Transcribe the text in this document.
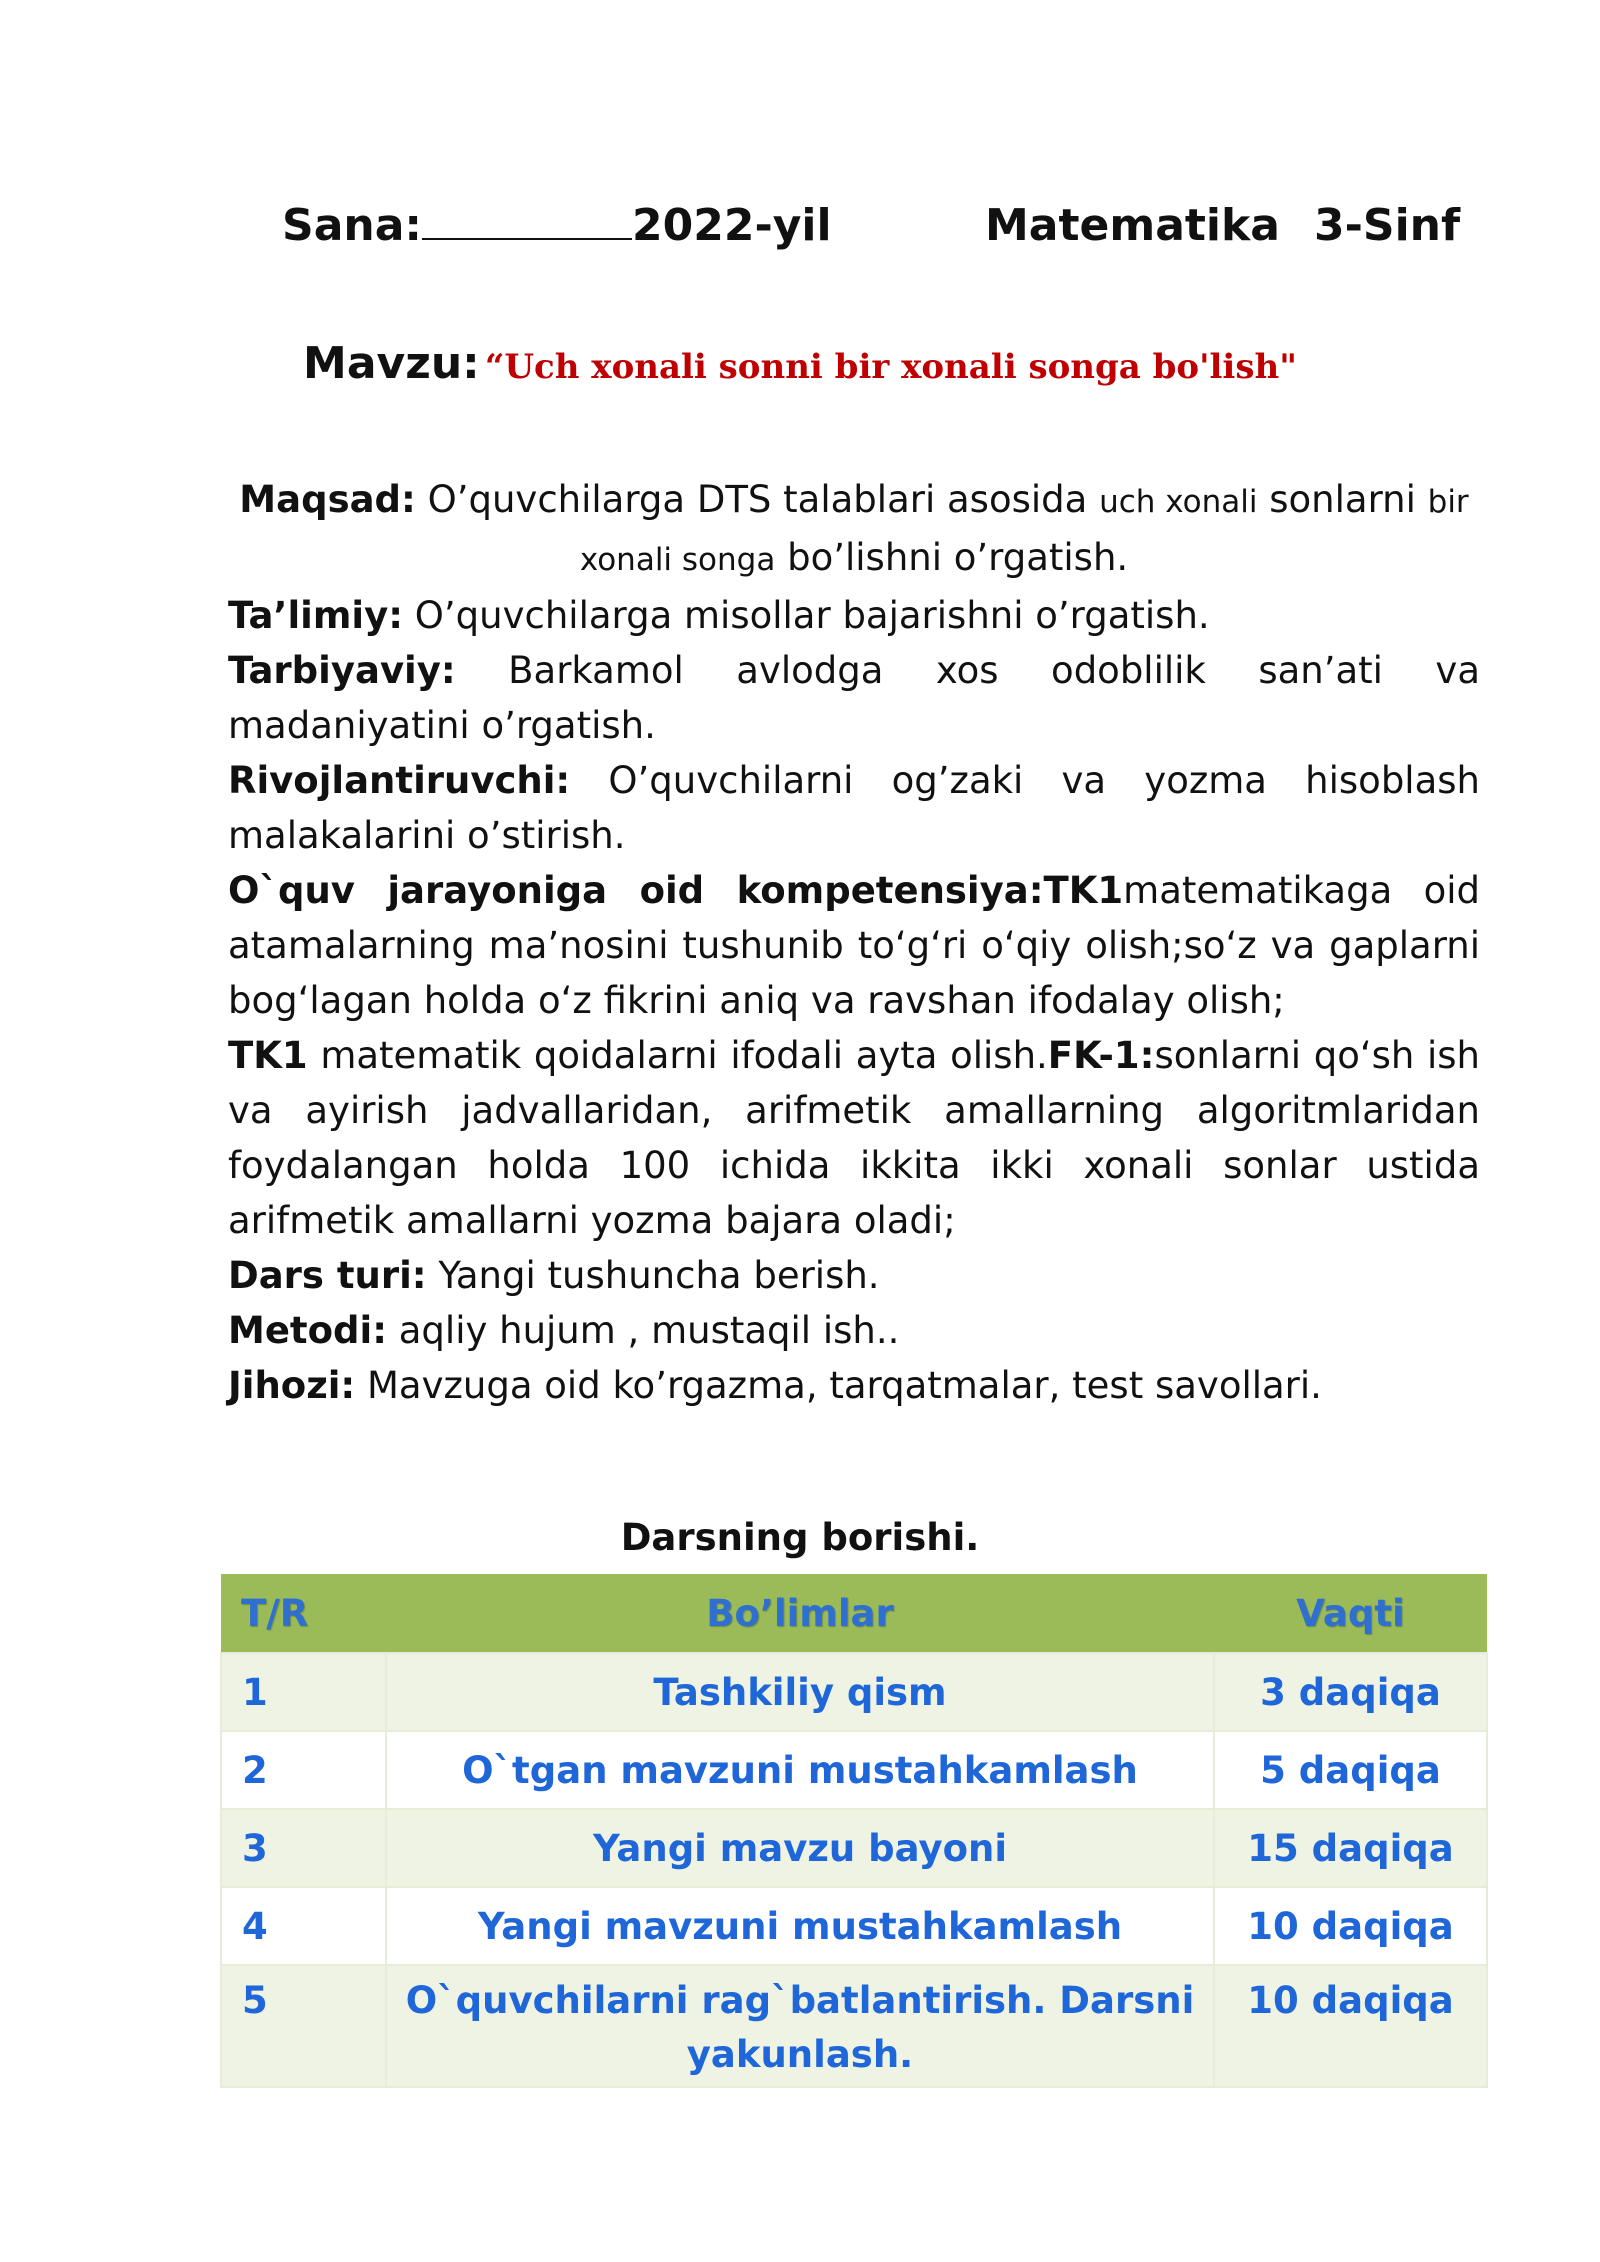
Sana:	2022-yil	Matematika 3-Sinf
Mavzu: “Uch xonali sonni bir xonali songa bo'lish"

Maqsad: O’quvchilarga DTS talablari asosida uch xonali sonlarni bir xonali songa bo’lishni o’rgatish.

Ta’limiy: O’quvchilarga misollar bajarishni o’rgatish.

Tarbiyaviy: Barkamol avlodga xos odoblilik san’ati va madaniyatini o’rgatish.

Rivojlantiruvchi: O’quvchilarni og’zaki va yozma hisoblash malakalarini o’stirish.

O`quv jarayoniga oid kompetensiya:TK1matematikaga oid atamalarning ma’nosini tushunib to‘g‘ri o‘qiy olish;so‘z va gaplarni bog‘lagan holda o‘z fikrini aniq va ravshan ifodalay olish;

TK1 matematik qoidalarni ifodali ayta olish.FK-1:sonlarni qo‘sh ish va ayirish jadvallaridan, arifmetik amallarning algoritmlaridan foydalangan holda 100 ichida ikkita ikki xonali sonlar ustida arifmetik amallarni yozma bajara oladi;

Dars turi: Yangi tushuncha berish.

Metodi: aqliy hujum , mustaqil ish..

Jihozi: Mavzuga oid ko’rgazma, tarqatmalar, test savollari.

Darsning borishi.
T/R	Bo’limlar	Vaqti
1	Tashkiliy qism	3 daqiqa
2	O`tgan mavzuni mustahkamlash	5 daqiqa
3	Yangi mavzu bayoni	15 daqiqa
4	Yangi mavzuni mustahkamlash	10 daqiqa
5	O`quvchilarni rag`batlantirish. Darsni yakunlash.	10 daqiqa
